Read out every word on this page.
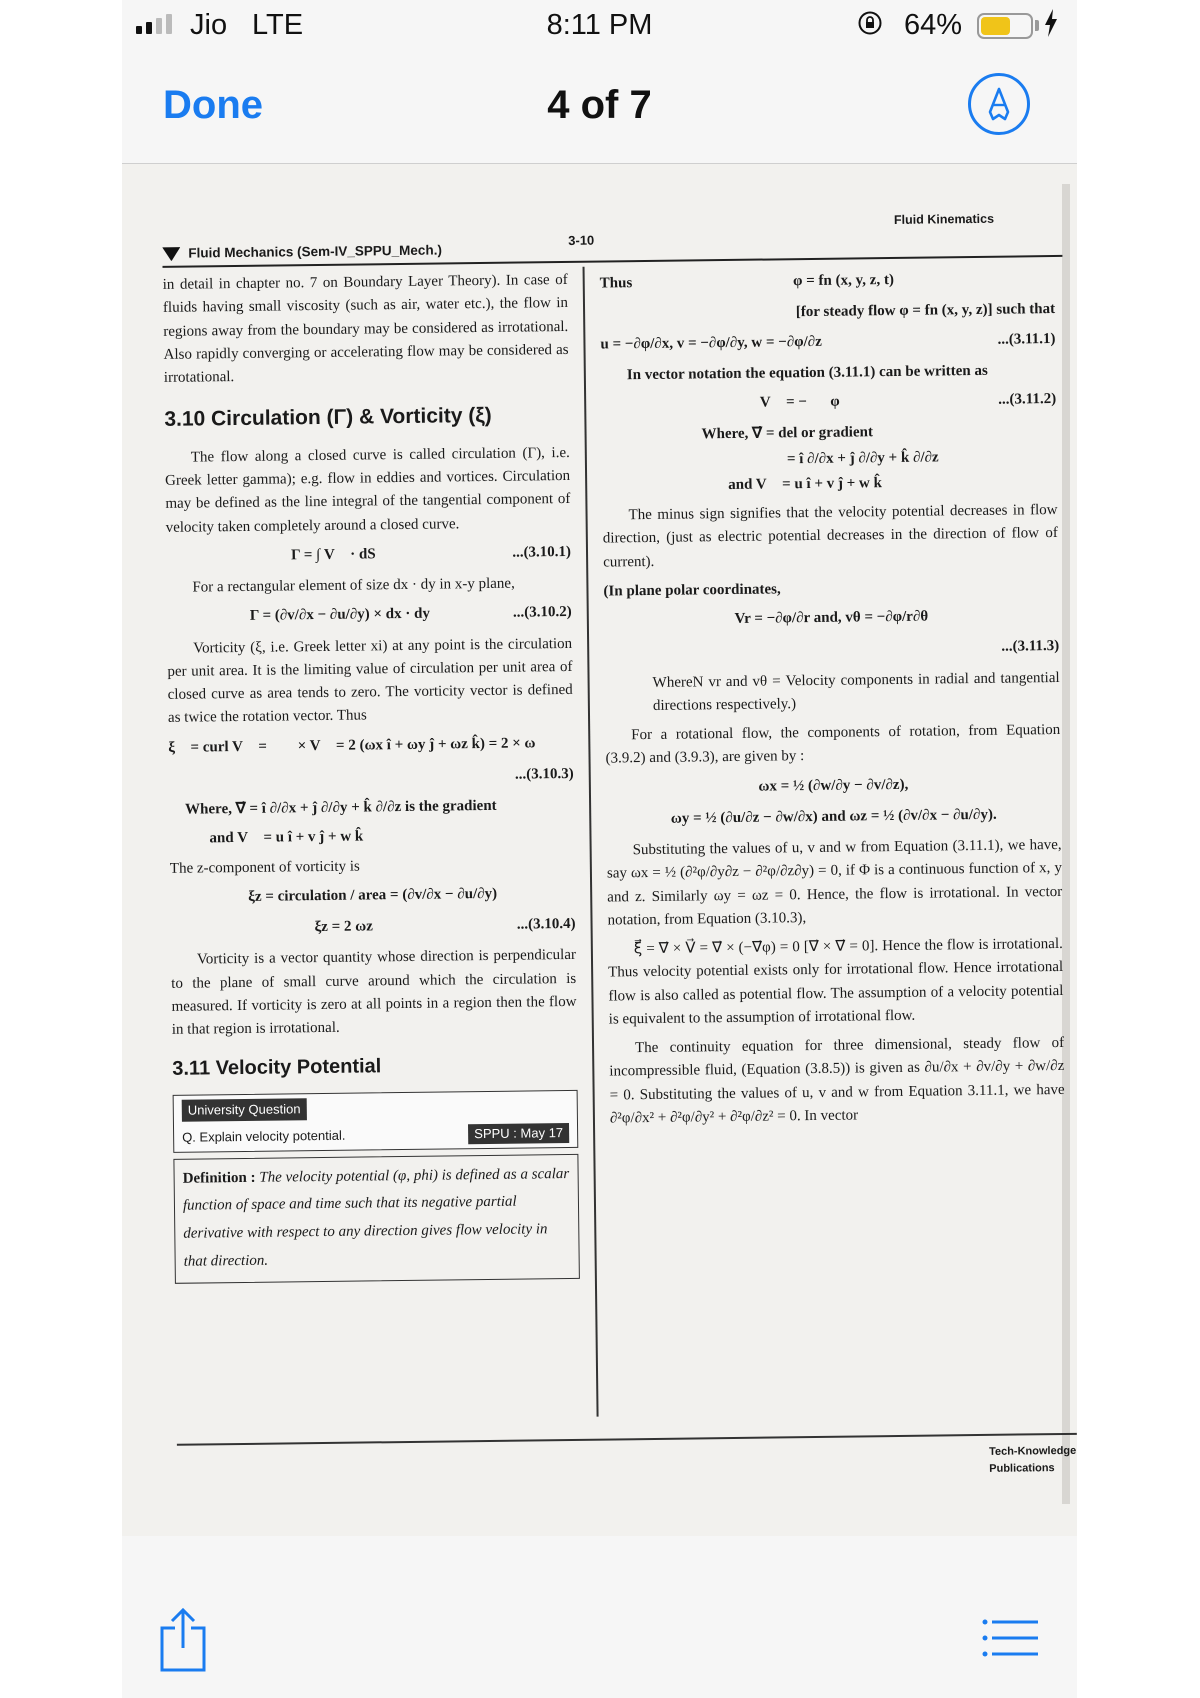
Jio LTE	8:11 PM	64%
Done	4 of 7
Fluid Mechanics (Sem-IV_SPPU_Mech.)
3-10
Fluid Kinematics

in detail in chapter no. 7 on Boundary Layer Theory). In case of fluids having small viscosity (such as air, water etc.), the flow in regions away from the boundary may be considered as irrotational. Also rapidly converging or accelerating flow may be considered as irrotational.

3.10 Circulation (Γ) & Vorticity (ξ)

The flow along a closed curve is called circulation (Γ), i.e. Greek letter gamma); e.g. flow in eddies and vortices. Circulation may be defined as the line integral of the tangential component of velocity taken completely around a closed curve.

Γ = ∫ V⃗ · dS⃗	...(3.10.1)

For a rectangular element of size dx · dy in x-y plane,

Γ = (∂v/∂x − ∂u/∂y) × dx · dy	...(3.10.2)

Vorticity (ξ, i.e. Greek letter xi) at any point is the circulation per unit area. It is the limiting value of circulation per unit area of closed curve as area tends to zero. The vorticity vector is defined as twice the rotation vector. Thus

ξ⃗ = curl V⃗ = ∇⃗ × V⃗ = 2 (ωx î + ωy ĵ + ωz k̂) = 2 × ω⃗
...(3.10.3)

Where, ∇⃗ = î ∂/∂x + ĵ ∂/∂y + k̂ ∂/∂z is the gradient

and V⃗ = u î + v ĵ + w k̂

The z-component of vorticity is

ξz = circulation / area = (∂v/∂x − ∂u/∂y)
ξz = 2 ωz	...(3.10.4)

Vorticity is a vector quantity whose direction is perpendicular to the plane of small curve around which the circulation is measured. If vorticity is zero at all points in a region then the flow in that region is irrotational.

3.11 Velocity Potential
University Question
Q. Explain velocity potential.	SPPU : May 17
Definition : The velocity potential (φ, phi) is defined as a scalar function of space and time such that its negative partial derivative with respect to any direction gives flow velocity in that direction.
Thus	φ = fn (x, y, z, t)

[for steady flow φ = fn (x, y, z)] such that

u = −∂φ/∂x, v = −∂φ/∂y, w = −∂φ/∂z	...(3.11.1)

In vector notation the equation (3.11.1) can be written as

V⃗ = −∇⃗φ	...(3.11.2)

Where, ∇⃗ = del or gradient

= î ∂/∂x + ĵ ∂/∂y + k̂ ∂/∂z

and V⃗ = u î + v ĵ + w k̂

The minus sign signifies that the velocity potential decreases in flow direction, (just as electric potential decreases in the direction of flow of current).

(In plane polar coordinates,

Vr = −∂φ/∂r and, vθ = −∂φ/r∂θ
...(3.11.3)

WhereN vr and vθ = Velocity components in radial and tangential directions respectively.)

For a rotational flow, the components of rotation, from Equation (3.9.2) and (3.9.3), are given by :

ωx = ½ (∂w/∂y − ∂v/∂z),
ωy = ½ (∂u/∂z − ∂w/∂x) and ωz = ½ (∂v/∂x − ∂u/∂y).

Substituting the values of u, v and w from Equation (3.11.1), we have, say ωx = ½ (∂²φ/∂y∂z − ∂²φ/∂z∂y) = 0, if Φ is a continuous function of x, y and z. Similarly ωy = ωz = 0. Hence, the flow is irrotational. In vector notation, from Equation (3.10.3),

ξ⃗ = ∇⃗ × V⃗ = ∇⃗ × (−∇⃗φ) = 0 [∇⃗ × ∇⃗ = 0]. Hence the flow is irrotational. Thus velocity potential exists only for irrotational flow. Hence irrotational flow is also called as potential flow. The assumption of a velocity potential is equivalent to the assumption of irrotational flow.

The continuity equation for three dimensional, steady flow of incompressible fluid, (Equation (3.8.5)) is given as ∂u/∂x + ∂v/∂y + ∂w/∂z = 0. Substituting the values of u, v and w from Equation 3.11.1, we have ∂²φ/∂x² + ∂²φ/∂y² + ∂²φ/∂z² = 0. In vector

Tech-Knowledge Publications
